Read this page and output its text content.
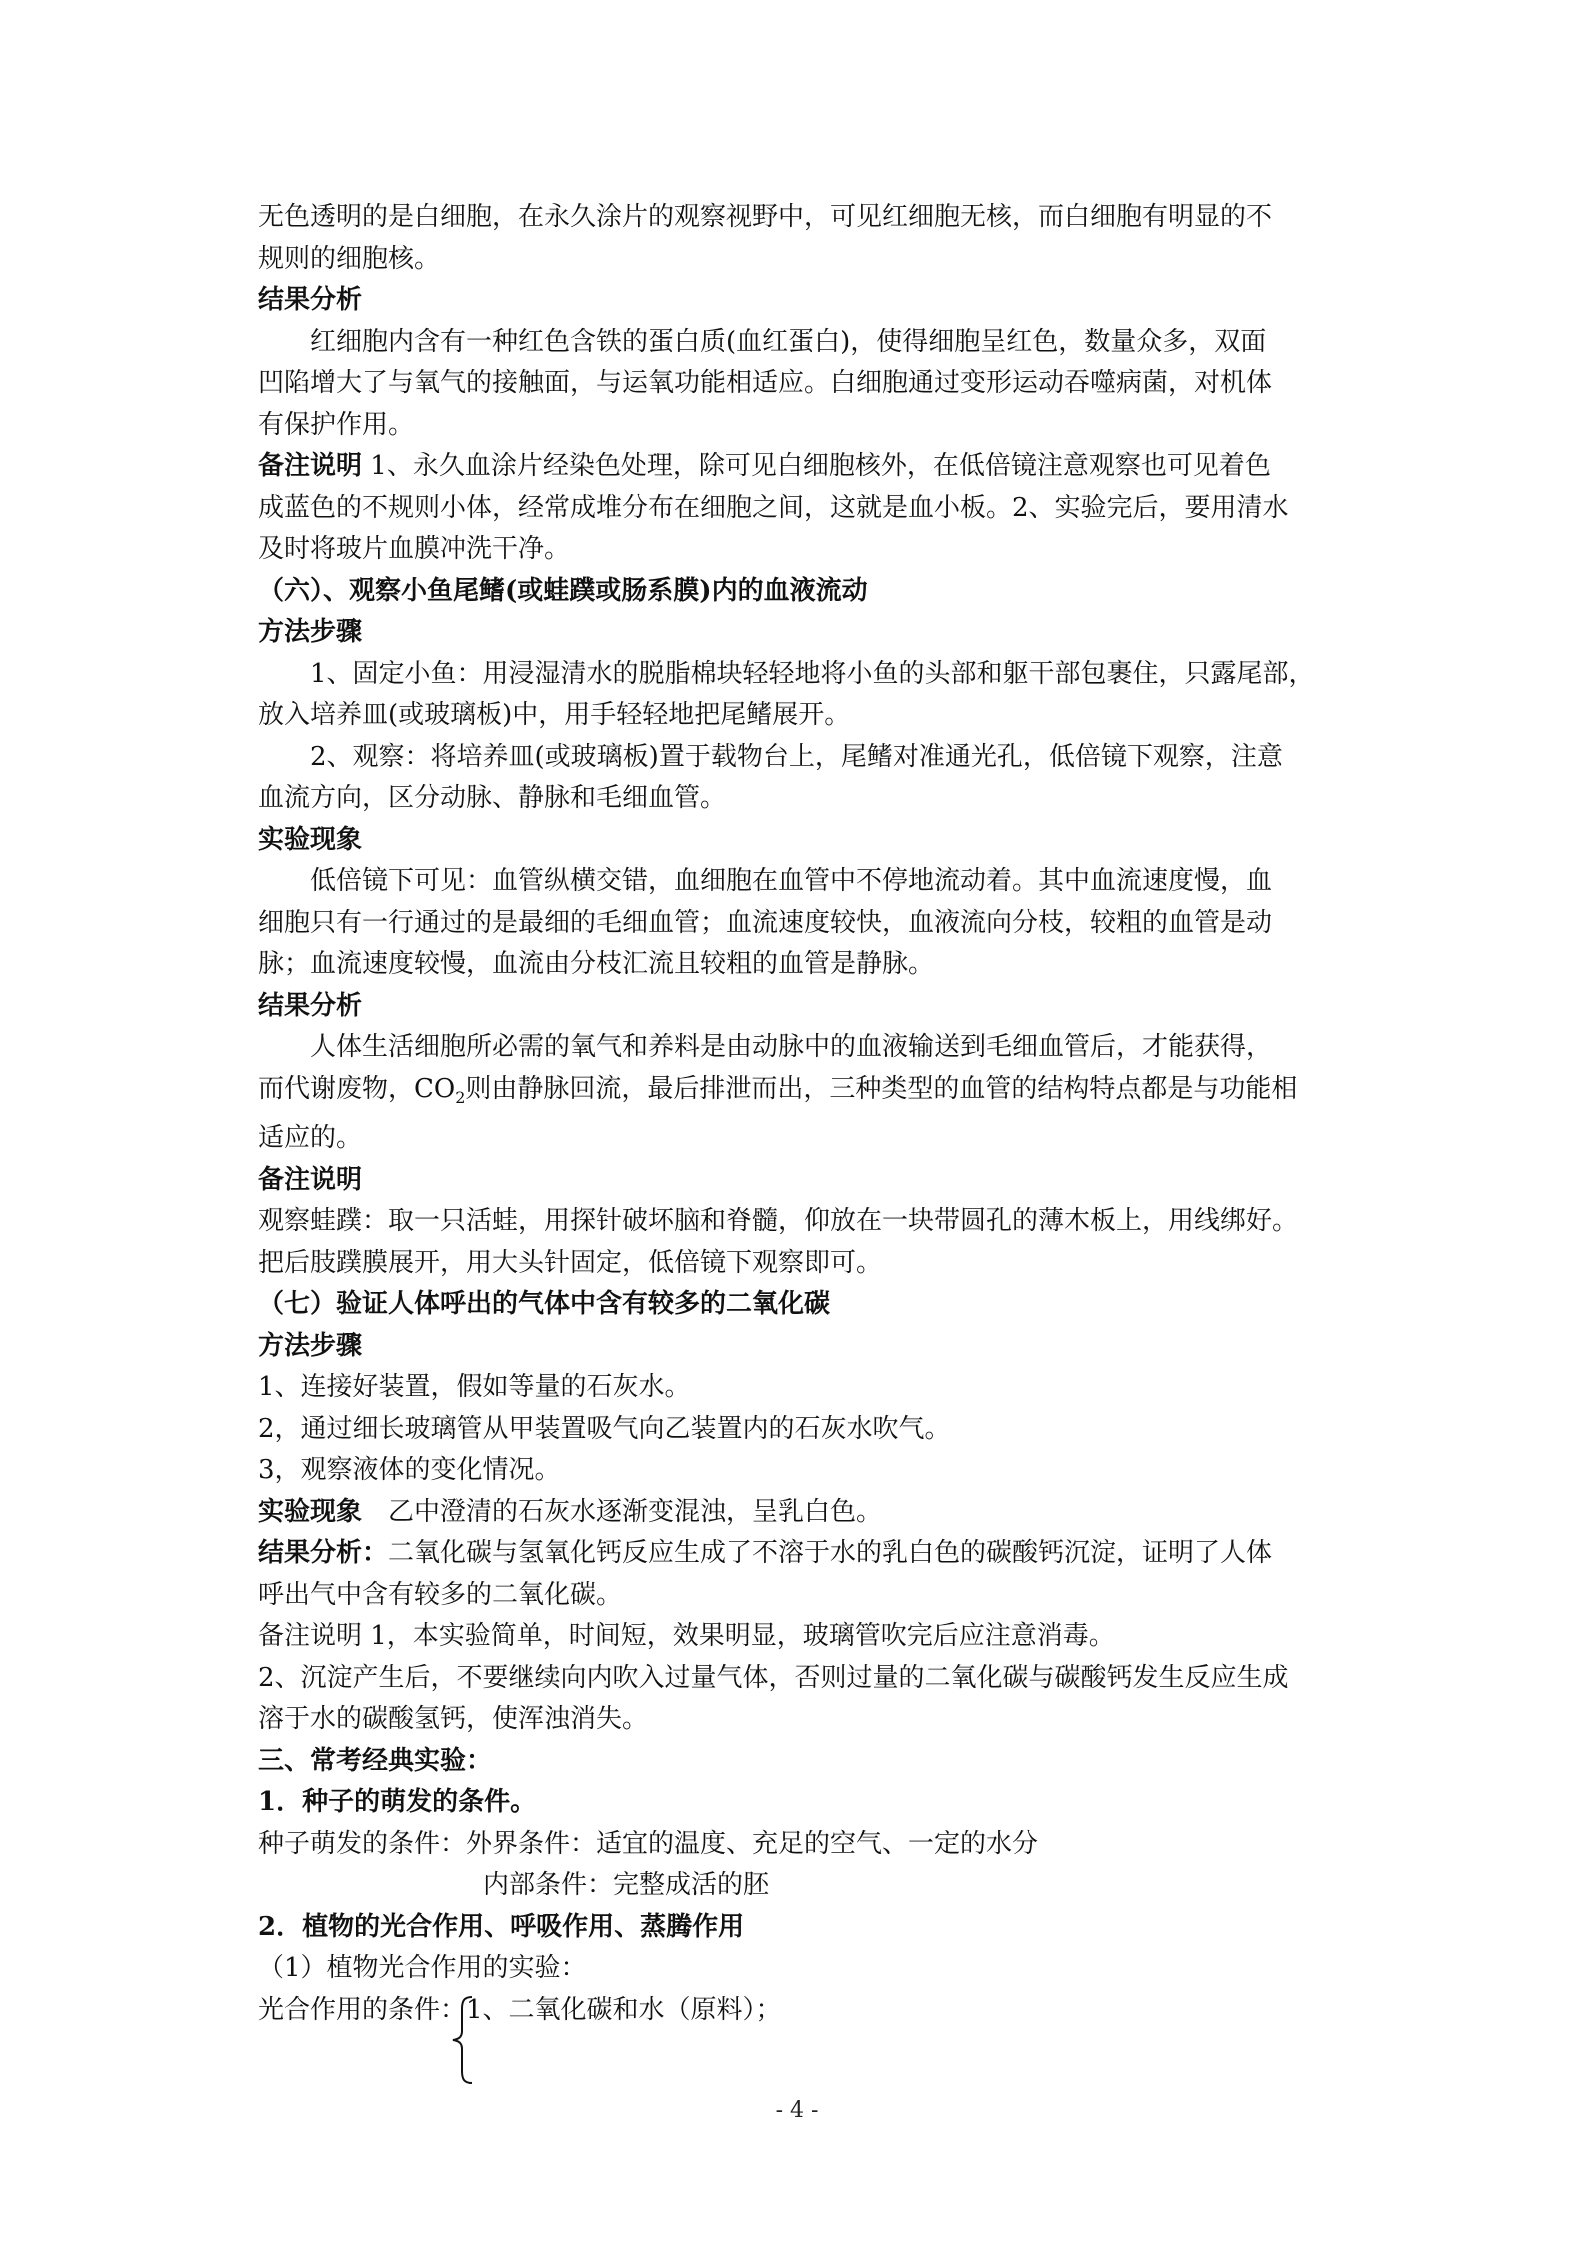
无色透明的是白细胞，在永久涂片的观察视野中，可见红细胞无核，而白细胞有明显的不

规则的细胞核。

结果分析

红细胞内含有一种红色含铁的蛋白质(血红蛋白)，使得细胞呈红色，数量众多，双面

凹陷增大了与氧气的接触面，与运氧功能相适应。白细胞通过变形运动吞噬病菌，对机体

有保护作用。

备注说明 1、永久血涂片经染色处理，除可见白细胞核外，在低倍镜注意观察也可见着色

成蓝色的不规则小体，经常成堆分布在细胞之间，这就是血小板。2、实验完后，要用清水

及时将玻片血膜冲洗干净。

（六）、观察小鱼尾鳍(或蛙蹼或肠系膜)内的血液流动

方法步骤

1、固定小鱼：用浸湿清水的脱脂棉块轻轻地将小鱼的头部和躯干部包裹住，只露尾部，

放入培养皿(或玻璃板)中，用手轻轻地把尾鳍展开。

2、观察：将培养皿(或玻璃板)置于载物台上，尾鳍对准通光孔，低倍镜下观察，注意

血流方向，区分动脉、静脉和毛细血管。

实验现象

低倍镜下可见：血管纵横交错，血细胞在血管中不停地流动着。其中血流速度慢，血

细胞只有一行通过的是最细的毛细血管；血流速度较快，血液流向分枝，较粗的血管是动

脉；血流速度较慢，血流由分枝汇流且较粗的血管是静脉。

结果分析

人体生活细胞所必需的氧气和养料是由动脉中的血液输送到毛细血管后，才能获得，

而代谢废物，$CO_2$则由静脉回流，最后排泄而出，三种类型的血管的结构特点都是与功能相

适应的。

备注说明

观察蛙蹼：取一只活蛙，用探针破坏脑和脊髓，仰放在一块带圆孔的薄木板上，用线绑好。

把后肢蹼膜展开，用大头针固定，低倍镜下观察即可。

（七）验证人体呼出的气体中含有较多的二氧化碳

方法步骤

1、连接好装置，假如等量的石灰水。

2，通过细长玻璃管从甲装置吸气向乙装置内的石灰水吹气。

3，观察液体的变化情况。

实验现象　乙中澄清的石灰水逐渐变混浊，呈乳白色。

结果分析：二氧化碳与氢氧化钙反应生成了不溶于水的乳白色的碳酸钙沉淀，证明了人体

呼出气中含有较多的二氧化碳。

备注说明 1，本实验简单，时间短，效果明显，玻璃管吹完后应注意消毒。

2、沉淀产生后，不要继续向内吹入过量气体，否则过量的二氧化碳与碳酸钙发生反应生成

溶于水的碳酸氢钙，使浑浊消失。

三、常考经典实验：

1．种子的萌发的条件。

种子萌发的条件：外界条件：适宜的温度、充足的空气、一定的水分

内部条件：完整成活的胚

2．植物的光合作用、呼吸作用、蒸腾作用

（1）植物光合作用的实验：

光合作用的条件：1、二氧化碳和水（原料）；

- 4 -
